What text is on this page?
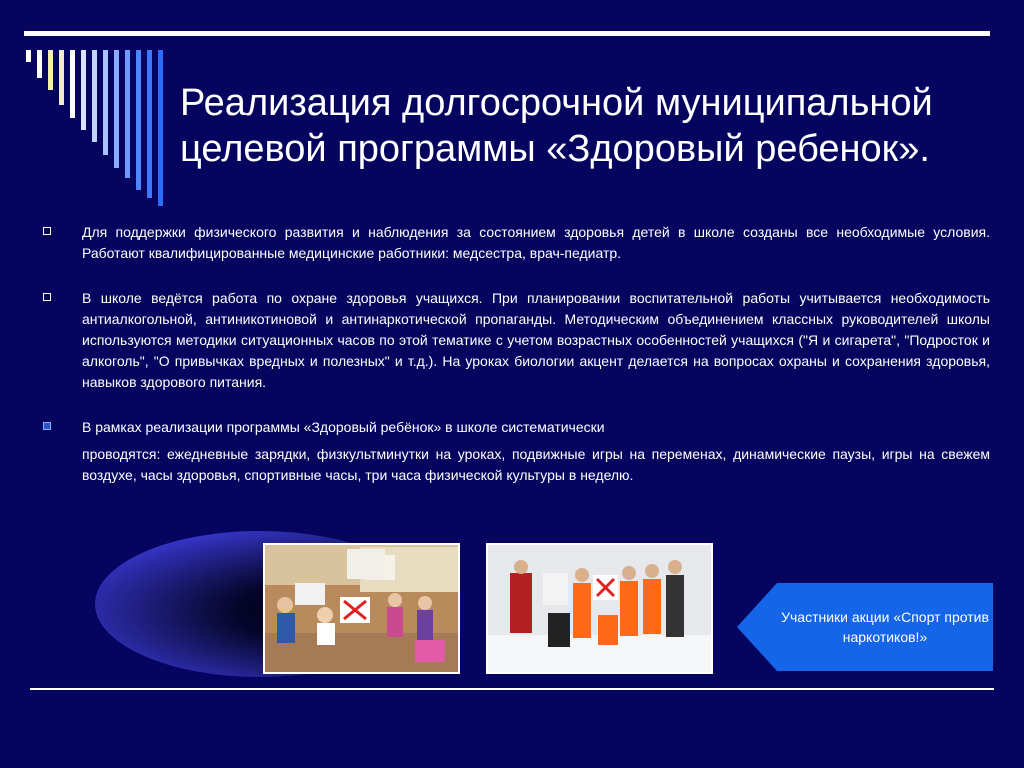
Реализация долгосрочной муниципальной целевой программы «Здоровый ребенок».

Для поддержки физического развития и наблюдения за состоянием здоровья детей в школе созданы все необходимые условия. Работают квалифицированные медицинские работники: медсестра, врач-педиатр.

В школе ведётся работа по охране здоровья учащихся. При планировании воспитательной работы учитывается необходимость антиалкогольной, антиникотиновой и антинаркотической пропаганды. Методическим объединением классных руководителей школы используются методики ситуационных часов по этой тематике с учетом возрастных особенностей учащихся ("Я и сигарета", "Подросток и алкоголь", "О привычках вредных и полезных" и т.д.). На уроках биологии акцент делается на вопросах охраны и сохранения здоровья, навыков здорового питания.

В рамках реализации программы «Здоровый ребёнок» в школе систематически

проводятся: ежедневные зарядки, физкультминутки на уроках, подвижные игры на переменах, динамические паузы, игры на свежем воздухе, часы здоровья, спортивные часы, три часа физической культуры в неделю.

Участники акции «Спорт против наркотиков!»
